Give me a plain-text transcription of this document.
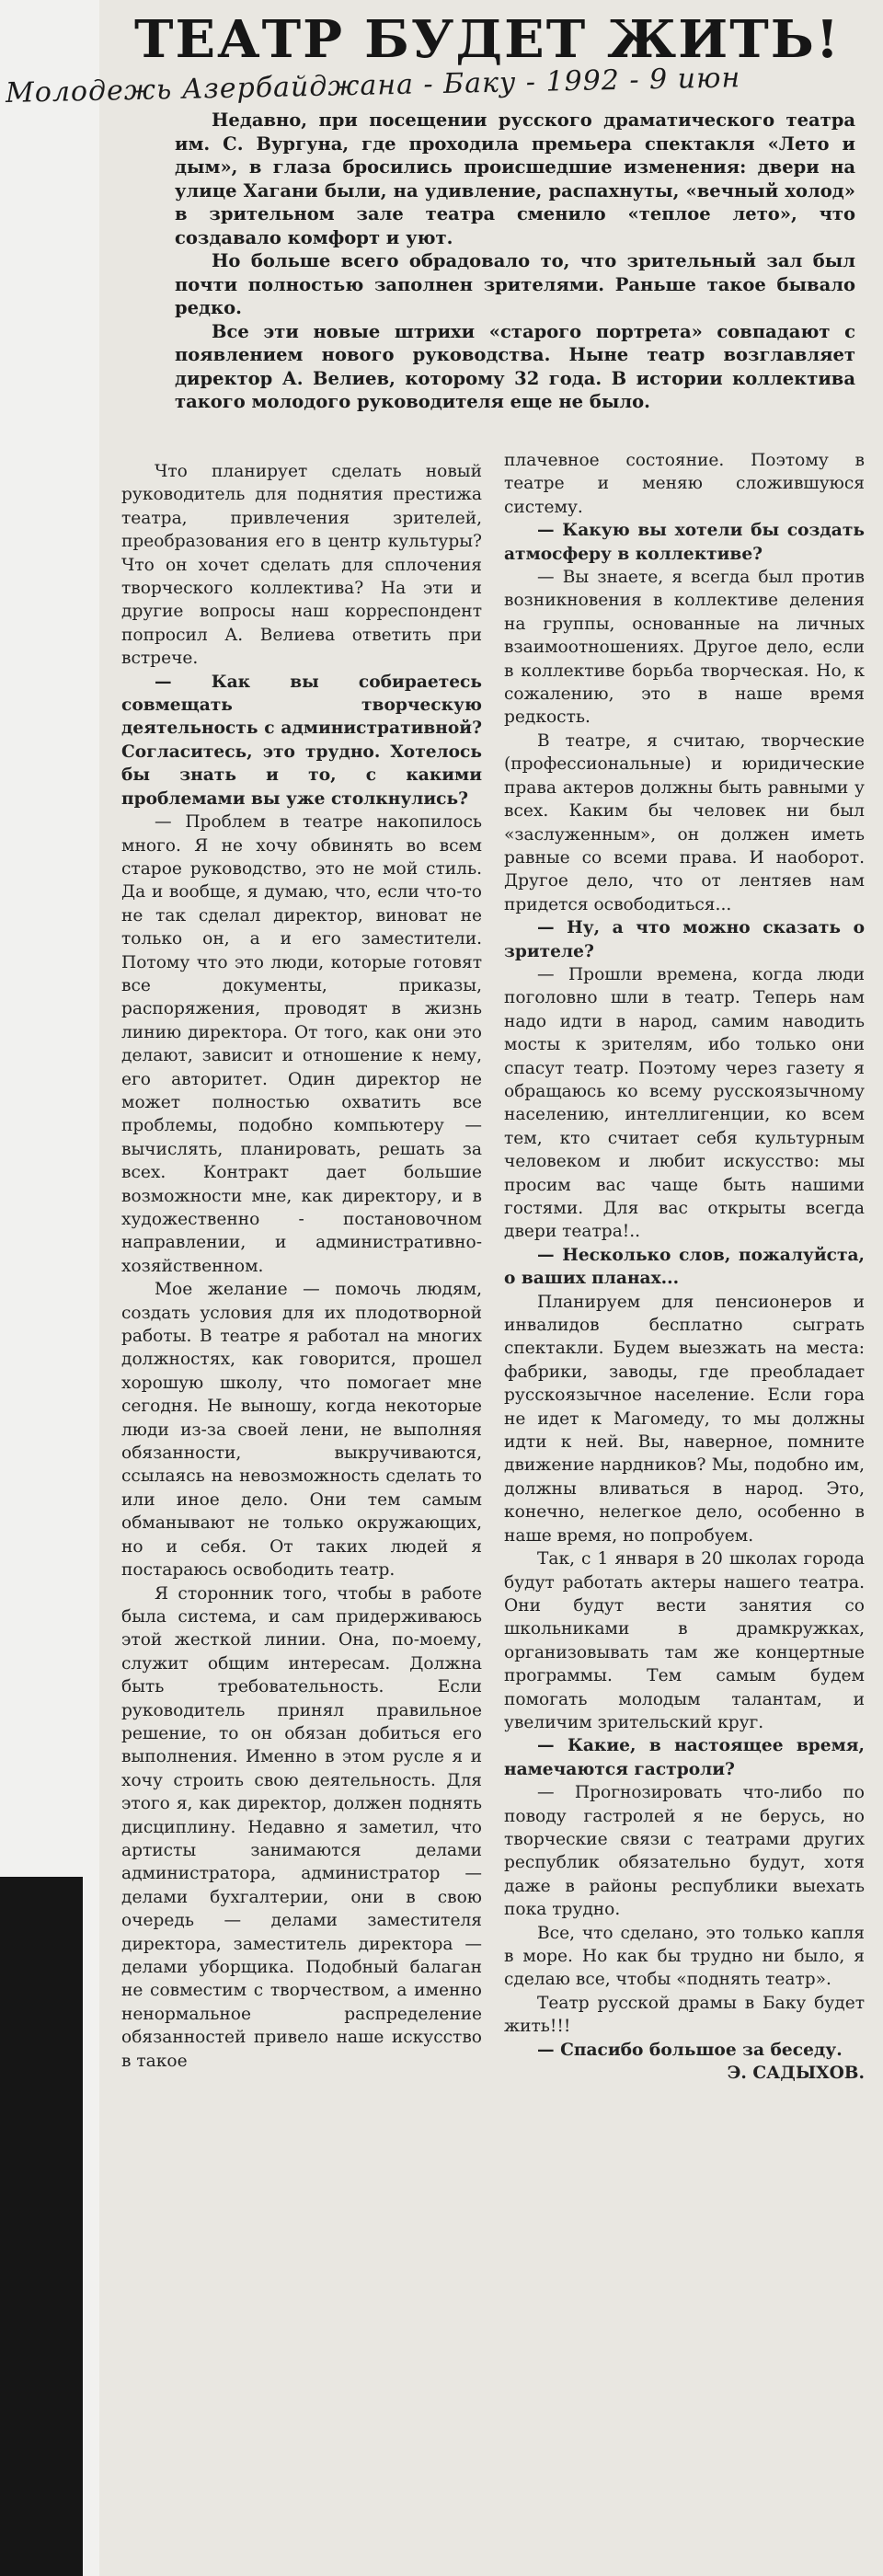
ТЕАТР БУДЕТ ЖИТЬ!
Молодежь Азербайджана - Баку - 1992 - 9 июн

Недавно, при посещении русского драматического театра им. С. Вургуна, где проходила премьера спектакля «Лето и дым», в глаза бросились происшедшие изменения: двери на улице Хагани были, на удивление, распахнуты, «вечный холод» в зрительном зале театра сменило «теплое лето», что создавало комфорт и уют.

Но больше всего обрадовало то, что зрительный зал был почти полностью заполнен зрителями. Раньше такое бывало редко.

Все эти новые штрихи «старого портрета» совпадают с появлением нового руководства. Ныне театр возглавляет директор А. Велиев, которому 32 года. В истории коллектива такого молодого руководителя еще не было.

Что планирует сделать новый руководитель для поднятия престижа театра, привлечения зрителей, преобразования его в центр культуры? Что он хочет сделать для сплочения творческого коллектива? На эти и другие вопросы наш корреспондент попросил А. Велиева ответить при встрече.

— Как вы собираетесь совмещать творческую деятельность с административной? Согласитесь, это трудно. Хотелось бы знать и то, с какими проблемами вы уже столкнулись?

— Проблем в театре накопилось много. Я не хочу обвинять во всем старое руководство, это не мой стиль. Да и вообще, я думаю, что, если что-то не так сделал директор, виноват не только он, а и его заместители. Потому что это люди, которые готовят все документы, приказы, распоряжения, проводят в жизнь линию директора. От того, как они это делают, зависит и отношение к нему, его авторитет. Один директор не может полностью охватить все проблемы, подобно компьютеру — вычислять, планировать, решать за всех. Контракт дает большие возможности мне, как директору, и в художественно - постановочном направлении, и административно-хозяйственном.

Мое желание — помочь людям, создать условия для их плодотворной работы. В театре я работал на многих должностях, как говорится, прошел хорошую школу, что помогает мне сегодня. Не выношу, когда некоторые люди из-за своей лени, не выполняя обязанности, выкручиваются, ссылаясь на невозможность сделать то или иное дело. Они тем самым обманывают не только окружающих, но и себя. От таких людей я постараюсь освободить театр.

Я сторонник того, чтобы в работе была система, и сам придерживаюсь этой жесткой линии. Она, по-моему, служит общим интересам. Должна быть требовательность. Если руководитель принял правильное решение, то он обязан добиться его выполнения. Именно в этом русле я и хочу строить свою деятельность. Для этого я, как директор, должен поднять дисциплину. Недавно я заметил, что артисты занимаются делами администратора, администратор — делами бухгалтерии, они в свою очередь — делами заместителя директора, заместитель директора — делами уборщика. Подобный балаган не совместим с творчеством, а именно ненормальное распределение обязанностей привело наше искусство в такое

плачевное состояние. Поэтому в театре и меняю сложившуюся систему.

— Какую вы хотели бы создать атмосферу в коллективе?

— Вы знаете, я всегда был против возникновения в коллективе деления на группы, основанные на личных взаимоотношениях. Другое дело, если в коллективе борьба творческая. Но, к сожалению, это в наше время редкость.

В театре, я считаю, творческие (профессиональные) и юридические права актеров должны быть равными у всех. Каким бы человек ни был «заслуженным», он должен иметь равные со всеми права. И наоборот. Другое дело, что от лентяев нам придется освободиться...

— Ну, а что можно сказать о зрителе?

— Прошли времена, когда люди поголовно шли в театр. Теперь нам надо идти в народ, самим наводить мосты к зрителям, ибо только они спасут театр. Поэтому через газету я обращаюсь ко всему русскоязычному населению, интеллигенции, ко всем тем, кто считает себя культурным человеком и любит искусство: мы просим вас чаще быть нашими гостями. Для вас открыты всегда двери театра!..

— Несколько слов, пожалуйста, о ваших планах...

Планируем для пенсионеров и инвалидов бесплатно сыграть спектакли. Будем выезжать на места: фабрики, заводы, где преобладает русскоязычное население. Если гора не идет к Магомеду, то мы должны идти к ней. Вы, наверное, помните движение нардников? Мы, подобно им, должны вливаться в народ. Это, конечно, нелегкое дело, особенно в наше время, но попробуем.

Так, с 1 января в 20 школах города будут работать актеры нашего театра. Они будут вести занятия со школьниками в драмкружках, организовывать там же концертные программы. Тем самым будем помогать молодым талантам, и увеличим зрительский круг.

— Какие, в настоящее время, намечаются гастроли?

— Прогнозировать что-либо по поводу гастролей я не берусь, но творческие связи с театрами других республик обязательно будут, хотя даже в районы республики выехать пока трудно.

Все, что сделано, это только капля в море. Но как бы трудно ни было, я сделаю все, чтобы «поднять театр».

Театр русской драмы в Баку будет жить!!!

— Спасибо большое за беседу.

Э. САДЫХОВ.
